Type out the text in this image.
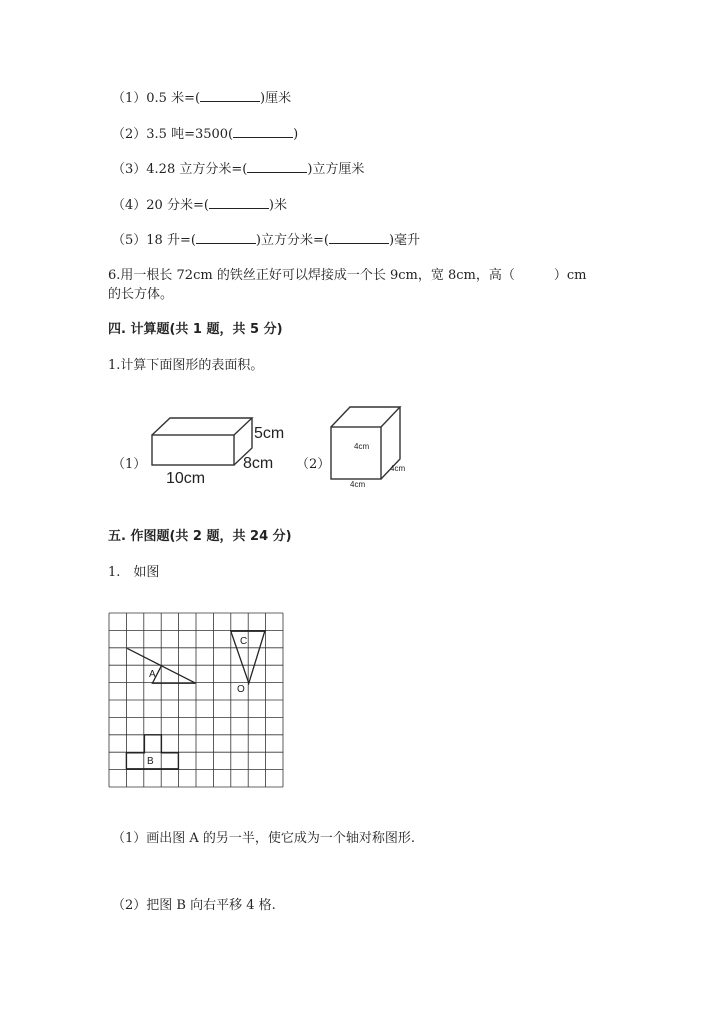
（1）0.5 米=(	)厘米
（2）3.5 吨=3500(	)
（3）4.28 立方分米=(	)立方厘米
（4）20 分米=(	)米
（5）18 升=(	)立方分米=(	)毫升
6.用一根长 72cm 的铁丝正好可以焊接成一个长 9cm，宽 8cm，高（　　　）cm
的长方体。
四. 计算题(共 1 题，共 5 分)
1.计算下面图形的表面积。
（1）
5cm
8cm
10cm
（2）
4cm
4cm
4cm
五. 作图题(共 2 题，共 24 分)
1.　如图
A
B
C
O
（1）画出图 A 的另一半，使它成为一个轴对称图形.
（2）把图 B 向右平移 4 格.
